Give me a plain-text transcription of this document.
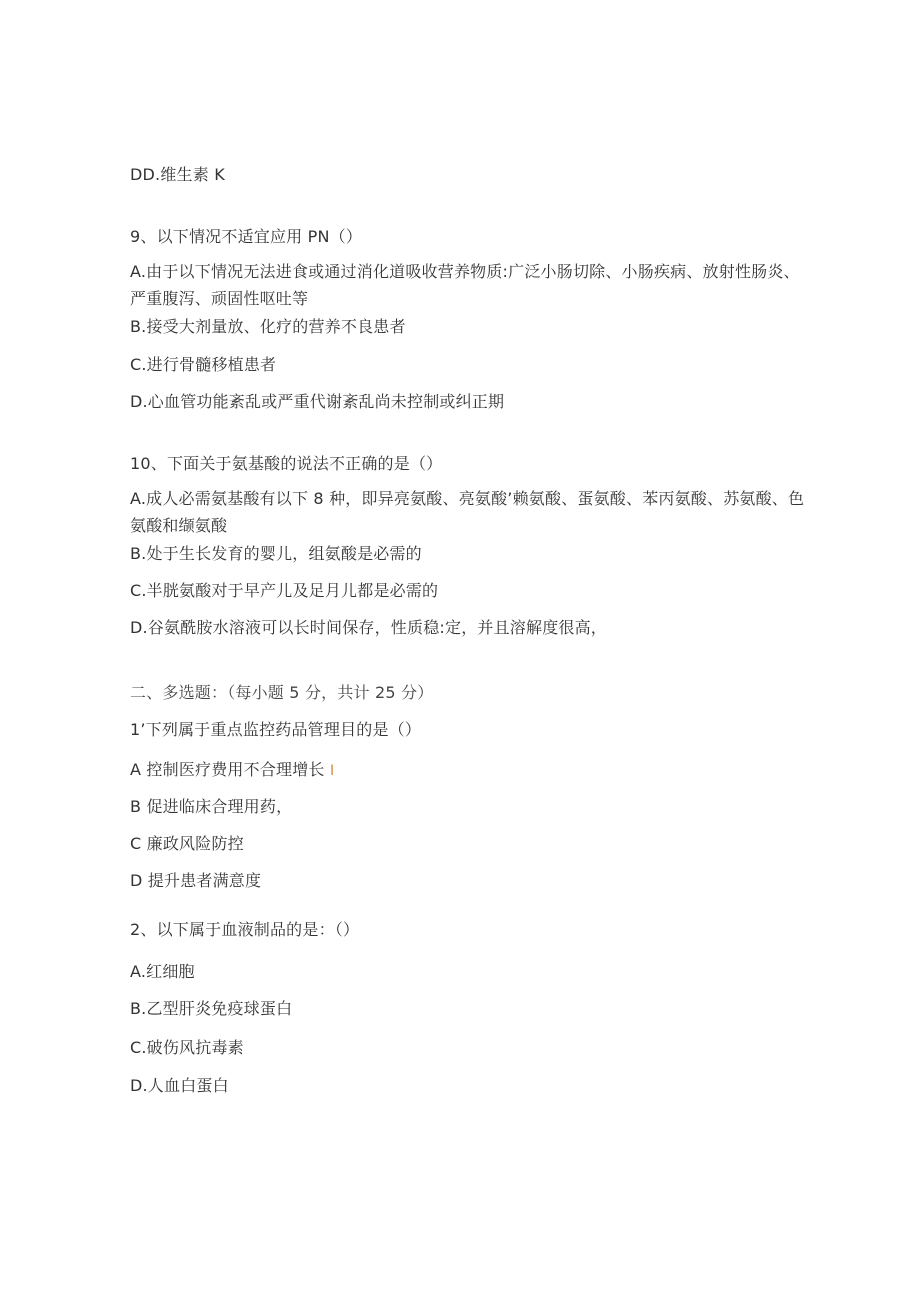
DD.维生素 K
9、以下情况不适宜应用 PN（）
A.由于以下情况无法进食或通过消化道吸收营养物质:广泛小肠切除、小肠疾病、放射性肠炎、严重腹泻、顽固性呕吐等
B.接受大剂量放、化疗的营养不良患者
C.进行骨髓移植患者
D.心血管功能紊乱或严重代谢紊乱尚未控制或纠正期
10、下面关于氨基酸的说法不正确的是（）
A.成人必需氨基酸有以下 8 种，即异亮氨酸、亮氨酸’赖氨酸、蛋氨酸、苯丙氨酸、苏氨酸、色氨酸和缬氨酸
B.处于生长发育的婴儿，组氨酸是必需的
C.半胱氨酸对于早产儿及足月儿都是必需的
D.谷氨酰胺水溶液可以长时间保存，性质稳:定，并且溶解度很高，
二、多选题：（每小题 5 分，共计 25 分）
1’下列属于重点监控药品管理目的是（）
A 控制医疗费用不合理增长 I
B 促进临床合理用药，
C 廉政风险防控
D 提升患者满意度
2、以下属于血液制品的是：（）
A.红细胞
B.乙型肝炎免疫球蛋白
C.破伤风抗毒素
D.人血白蛋白
